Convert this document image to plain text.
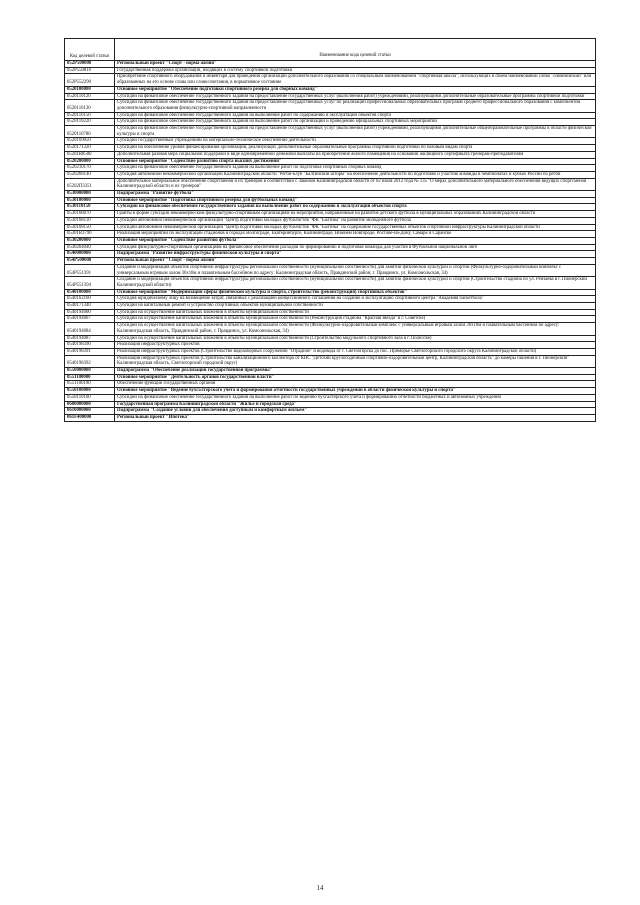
Код целевой статьи	Наименование кода целевой статьи
052Р500000	Региональный проект "Спорт - норма жизни"
052Р550810	Государственная поддержка организаций, входящих в систему спортивной подготовки
052Р552290	Приобретение спортивного оборудования и инвентаря для приведения организаций дополнительного образования со специальным наименованием "спортивная школа", использующих в своем наименовании слово "олимпийский" или образованных на его основе слова или словосочетания, в нормативное состояние
0520100000	Основное мероприятие "Обеспечение подготовки спортивного резерва для сборных команд"
0520110120	Субсидии на финансовое обеспечение государственного задания на предоставление государственных услуг (выполнения работ) учреждениями, реализующими дополнительные образовательные программы спортивной подготовки
0520110130	Субсидии на финансовое обеспечение государственного задания на предоставление государственных услуг по реализации профессиональных образовательных программ среднего профессионального образования с компонентом дополнительного образования физкультурно-спортивной направленности
0520110150	Субсидии на финансовое обеспечение государственного задания на выполнение работ по содержанию и эксплуатации объектов спорта
0520110220	Субсидии на финансовое обеспечение государственного задания на выполнение работ по организации и проведению официальных спортивных мероприятий
0520110780	Субсидии на финансовое обеспечение государственного задания на предоставление государственных услуг (выполнения работ) учреждениями, реализующими дополнительные общеобразовательные программы в области физической культуры и спорта
0520169050	Субсидии государственным учреждениям на материально-техническое обеспечение деятельности
0520171320	Субсидии на обеспечение уровня финансирования организаций, реализующих дополнительные образовательные программы спортивной подготовки по базовым видам спорта
05201R8500	Дополнительная разовая мера социальной поддержки в виде единовременной денежной выплаты на приобретение жилого помещения на основании жилищного сертификата тренерам-преподавателям
0520200000	Основное мероприятие "Содействие развитию спорта высших достижений"
0520210170	Субсидии на финансовое обеспечение государственного задания на выполнение работ по подготовке спортивных сборных команд
0520268140	Субсидия автономной некоммерческой организации Калининградской области "Регби-клуб "Балтийский шторм" на обеспечение деятельности по подготовке и участию команды в чемпионатах и кубках России по регби
05202П3351	Дополнительное материальное обеспечение спортсменов и их тренеров в соответствии с Законом Калининградской области от 02 июля 2012 года № 135 "О мерах дополнительного материального обеспечения ведущих спортсменов Калининградской области и их тренеров"
0530000000	Подпрограмма "Развитие футбола"
0530100000	Основное мероприятие "Подготовка спортивного резерва для футбольных команд"
0530110150	Субсидии на финансовое обеспечение государственного задания на выполнение работ по содержанию и эксплуатации объектов спорта
0530168070	Гранты в форме субсидий некоммерческим физкультурно-спортивным организациям на мероприятия, направленные на развитие детского футбола в муниципальных образованиях Калининградской области
0530168110	Субсидии автономной некоммерческой организации "Центр подготовки молодых футболистов "ФК "Балтика" на развитие молодежного футбола
0530168150	Субсидии автономной некоммерческой организации "Центр подготовки молодых футболистов "ФК "Балтика" на содержание государственных объектов спортивной инфраструктуры Калининградской области
05301R3790	Реализация мероприятий по эксплуатации стадионов в городах Волгограде, Екатеринбурге, Калининграде, Нижнем Новгороде, Ростове-на-Дону, Самаре и Саранске
0530200000	Основное мероприятие "Содействие развитию футбола"
0530264040	Субсидия физкультурно-спортивным организациям на финансовое обеспечение расходов по формированию и подготовке команды для участия в Футбольной национальной лиге
0540000000	Подпрограмма "Развитие инфраструктуры физической культуры и спорта"
054Р500000	Региональный проект "Спорт - норма жизни"
054Р551391	Создание и модернизация объектов спортивной инфраструктуры региональной собственности (муниципальной собственности) для занятий физической культурой и спортом (Физкультурно-оздоровительный комплекс с универсальным игровым залом 36х18м и плавательным бассейном по адресу: Калининградская область, Правдинский район, г. Правдинск, ул. Комсомольская, 34)
054Р551394	Создание и модернизация объектов спортивной инфраструктуры региональной собственности (муниципальной собственности) для занятий физической культурой и спортом (Строительство стадиона по ул. Рензаева в г. Пионерский Калининградской области)
0540100000	Основное мероприятие "Модернизация сферы физической культуры и спорта, строительство (реконструкция) спортивных объектов"
0540162160	Субсидия юридическому лицу на возмещение затрат, связанных с реализацией концессионного соглашения на создание и эксплуатацию спортивного центра "Академия баскетбола"
0540171340	Субсидии на капитальный ремонт и устройство спортивных объектов муниципальной собственности
0540194000	Субсидии на осуществление капитальных вложений в объекты муниципальной собственности
0540194007	Субсидии на осуществление капитальных вложений в объекты муниципальной собственности (Реконструкция стадиона "Красная звезда" в г. Советске)
0540194084	Субсидии на осуществление капитальных вложений в объекты муниципальной собственности (Физкультурно-оздоровительный комплекс с универсальным игровым залом 36х18м и плавательным бассейном по адресу: Калининградская область, Правдинский район, г. Правдинск, ул. Комсомольская, 34)
0540194087	Субсидии на осуществление капитальных вложений в объекты муниципальной собственности (Строительство модульного спортивного зала в г. Полесске)
0540198390	Реализация инфраструктурных проектов
0540198391	Реализация инфраструктурных проектов (Строительство водозаборных сооружений "Отрадное" и водовода от г. Светлогорска до пос. Приморье Светлогорского городского округа Калининградской области)
0540198392	Реализация инфраструктурных проектов (Строительство канализационного коллектора от КНС "Детский круглогодичный спортивно-оздоровительный центр, Калининградская область" до камеры гашения в г. Пионерский" Калининградская область, Светлогорский городской округ)
0550000000	Подпрограмма "Обеспечение реализации государственной программы"
0551100000	Основное мероприятие "Деятельность органов государственной власти"
0551100190	Обеспечение функций государственных органов
0550100000	Основное мероприятие "Ведение бухгалтерского учета и формирования отчетности государственных учреждений в области физической культуры и спорта"
0550110160	Субсидии на финансовое обеспечение государственного задания на выполнение работ по ведению бухгалтерского учета и формированию отчетности бюджетных и автономных учреждений
0600000000	Государственная программа Калининградской области "Жилье и городская среда"
0610000000	Подпрограмма "Создание условий для обеспечения доступным и комфортным жильем"
061F400000	Региональный проект "Ипотека"
14
